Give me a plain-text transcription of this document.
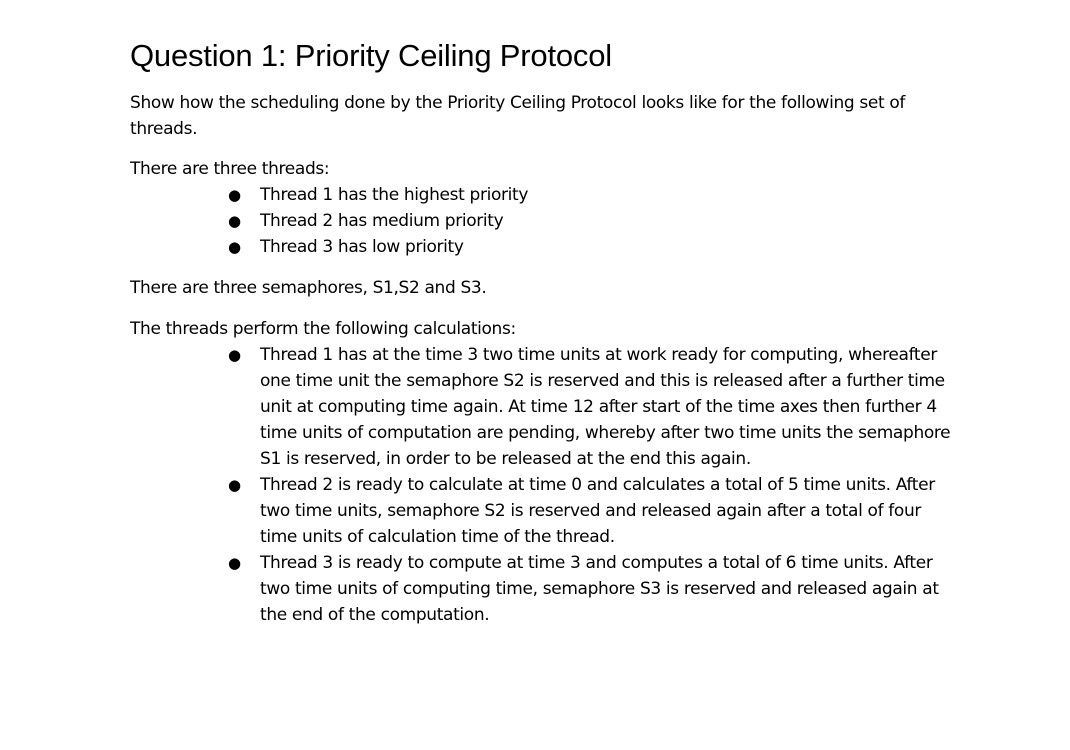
Question 1: Priority Ceiling Protocol

Show how the scheduling done by the Priority Ceiling Protocol looks like for the following set of threads.

There are three threads:

● Thread 1 has the highest priority
● Thread 2 has medium priority
● Thread 3 has low priority

There are three semaphores, S1,S2 and S3.

The threads perform the following calculations:

● Thread 1 has at the time 3 two time units at work ready for computing, whereafter one time unit the semaphore S2 is reserved and this is released after a further time unit at computing time again. At time 12 after start of the time axes then further 4 time units of computation are pending, whereby after two time units the semaphore S1 is reserved, in order to be released at the end this again.
● Thread 2 is ready to calculate at time 0 and calculates a total of 5 time units. After two time units, semaphore S2 is reserved and released again after a total of four time units of calculation time of the thread.
● Thread 3 is ready to compute at time 3 and computes a total of 6 time units. After two time units of computing time, semaphore S3 is reserved and released again at the end of the computation.
